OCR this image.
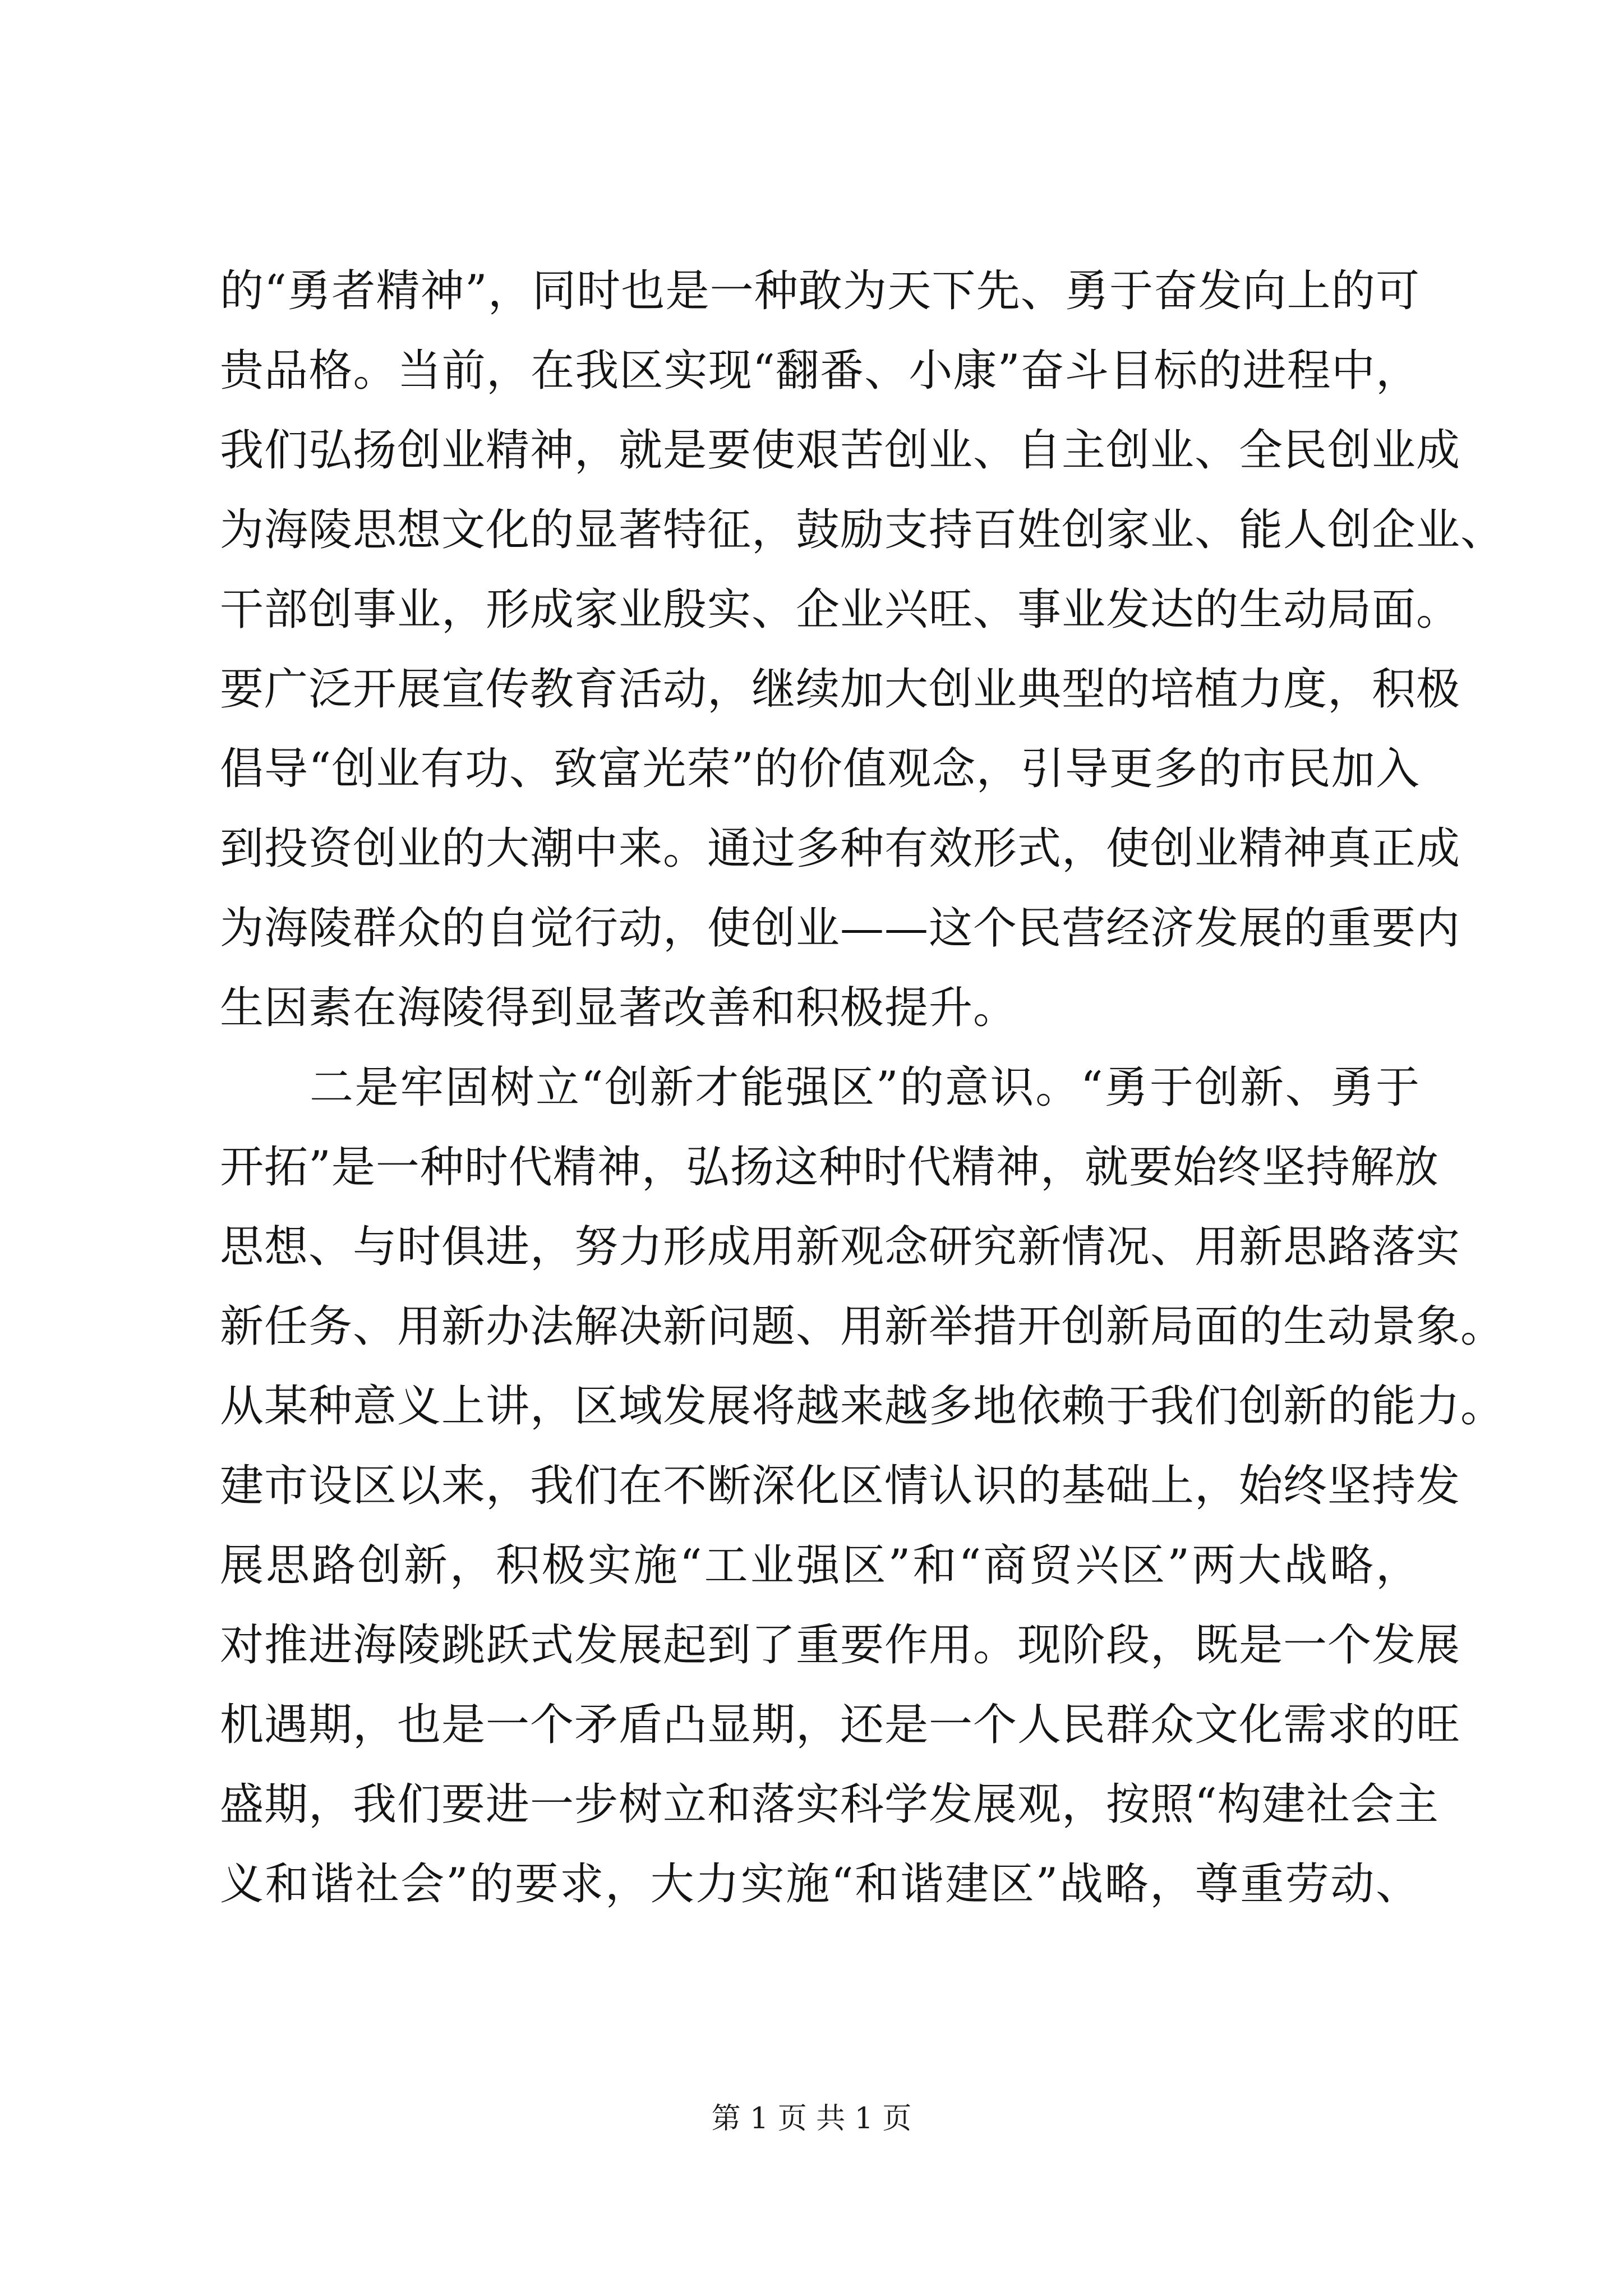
的“勇者精神”，同时也是一种敢为天下先、勇于奋发向上的可
贵品格。当前，在我区实现“翻番、小康”奋斗目标的进程中，
我们弘扬创业精神，就是要使艰苦创业、自主创业、全民创业成
为海陵思想文化的显著特征，鼓励支持百姓创家业、能人创企业、
干部创事业，形成家业殷实、企业兴旺、事业发达的生动局面。
要广泛开展宣传教育活动，继续加大创业典型的培植力度，积极
倡导“创业有功、致富光荣”的价值观念，引导更多的市民加入
到投资创业的大潮中来。通过多种有效形式，使创业精神真正成
为海陵群众的自觉行动，使创业——这个民营经济发展的重要内
生因素在海陵得到显著改善和积极提升。
二是牢固树立“创新才能强区”的意识。“勇于创新、勇于
开拓”是一种时代精神，弘扬这种时代精神，就要始终坚持解放
思想、与时俱进，努力形成用新观念研究新情况、用新思路落实
新任务、用新办法解决新问题、用新举措开创新局面的生动景象。
从某种意义上讲，区域发展将越来越多地依赖于我们创新的能力。
建市设区以来，我们在不断深化区情认识的基础上，始终坚持发
展思路创新，积极实施“工业强区”和“商贸兴区”两大战略，
对推进海陵跳跃式发展起到了重要作用。现阶段，既是一个发展
机遇期，也是一个矛盾凸显期，还是一个人民群众文化需求的旺
盛期，我们要进一步树立和落实科学发展观，按照“构建社会主
义和谐社会”的要求，大力实施“和谐建区”战略，尊重劳动、
第 1 页 共 1 页
